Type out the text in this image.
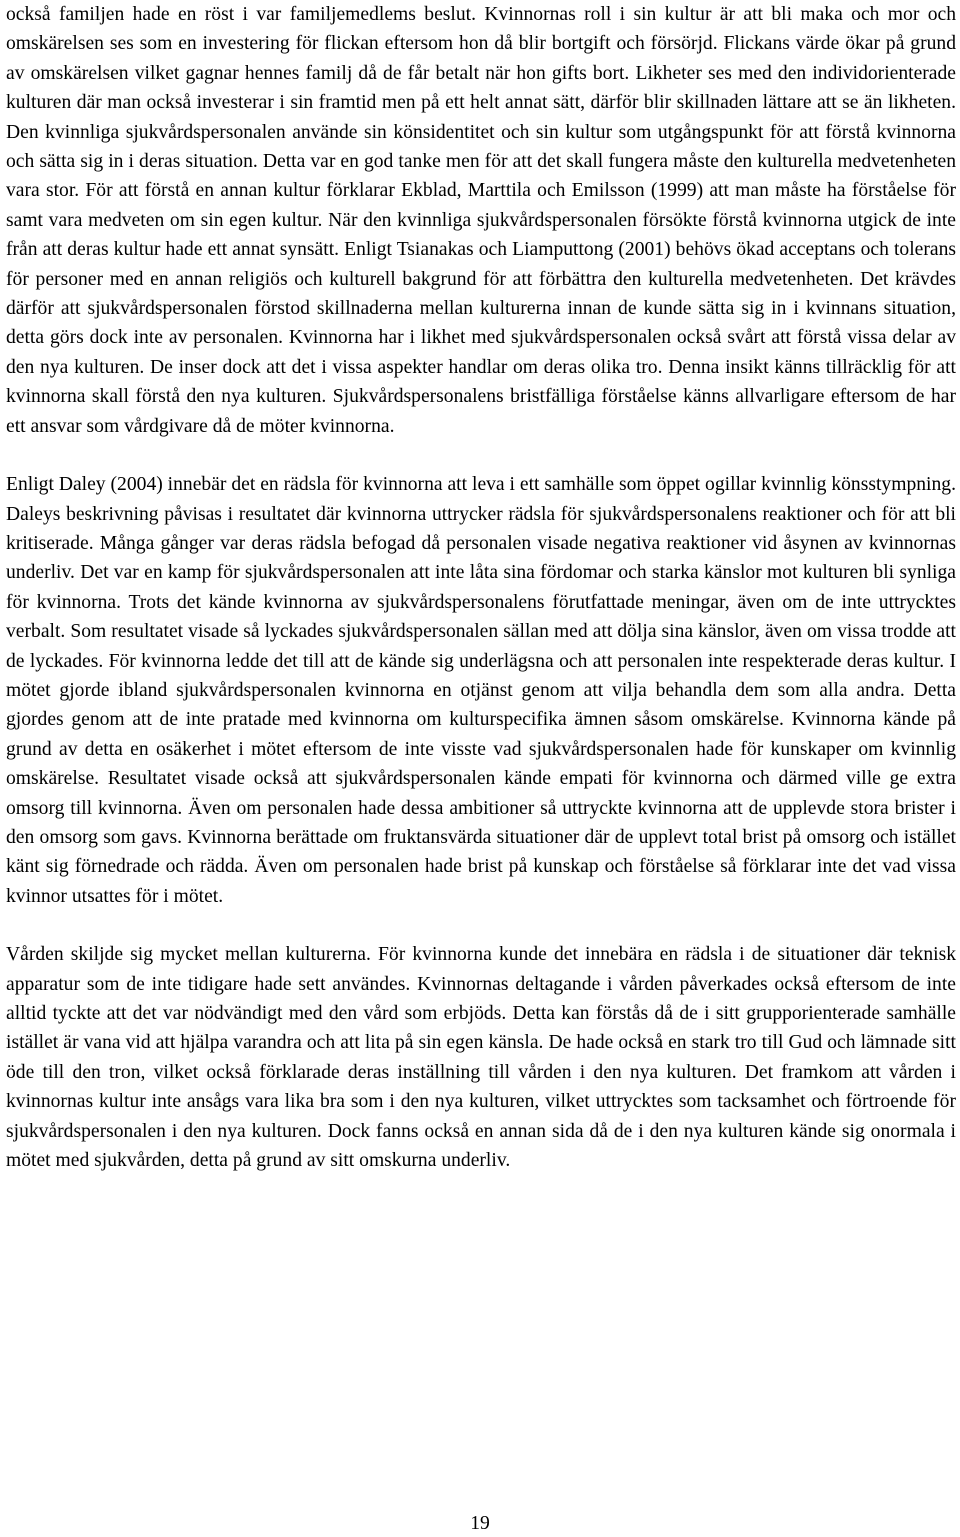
också familjen hade en röst i var familjemedlems beslut. Kvinnornas roll i sin kultur är att bli maka och mor och omskärelsen ses som en investering för flickan eftersom hon då blir bortgift och försörjd. Flickans värde ökar på grund av omskärelsen vilket gagnar hennes familj då de får betalt när hon gifts bort. Likheter ses med den individorienterade kulturen där man också investerar i sin framtid men på ett helt annat sätt, därför blir skillnaden lättare att se än likheten. Den kvinnliga sjukvårdspersonalen använde sin könsidentitet och sin kultur som utgångspunkt för att förstå kvinnorna och sätta sig in i deras situation. Detta var en god tanke men för att det skall fungera måste den kulturella medvetenheten vara stor. För att förstå en annan kultur förklarar Ekblad, Marttila och Emilsson (1999) att man måste ha förståelse för samt vara medveten om sin egen kultur. När den kvinnliga sjukvårdspersonalen försökte förstå kvinnorna utgick de inte från att deras kultur hade ett annat synsätt. Enligt Tsianakas och Liamputtong (2001) behövs ökad acceptans och tolerans för personer med en annan religiös och kulturell bakgrund för att förbättra den kulturella medvetenheten. Det krävdes därför att sjukvårdspersonalen förstod skillnaderna mellan kulturerna innan de kunde sätta sig in i kvinnans situation, detta görs dock inte av personalen. Kvinnorna har i likhet med sjukvårdspersonalen också svårt att förstå vissa delar av den nya kulturen. De inser dock att det i vissa aspekter handlar om deras olika tro. Denna insikt känns tillräcklig för att kvinnorna skall förstå den nya kulturen. Sjukvårdspersonalens bristfälliga förståelse känns allvarligare eftersom de har ett ansvar som vårdgivare då de möter kvinnorna.

Enligt Daley (2004) innebär det en rädsla för kvinnorna att leva i ett samhälle som öppet ogillar kvinnlig könsstympning. Daleys beskrivning påvisas i resultatet där kvinnorna uttrycker rädsla för sjukvårdspersonalens reaktioner och för att bli kritiserade. Många gånger var deras rädsla befogad då personalen visade negativa reaktioner vid åsynen av kvinnornas underliv. Det var en kamp för sjukvårdspersonalen att inte låta sina fördomar och starka känslor mot kulturen bli synliga för kvinnorna. Trots det kände kvinnorna av sjukvårdspersonalens förutfattade meningar, även om de inte uttrycktes verbalt. Som resultatet visade så lyckades sjukvårdspersonalen sällan med att dölja sina känslor, även om vissa trodde att de lyckades. För kvinnorna ledde det till att de kände sig underlägsna och att personalen inte respekterade deras kultur. I mötet gjorde ibland sjukvårdspersonalen kvinnorna en otjänst genom att vilja behandla dem som alla andra. Detta gjordes genom att de inte pratade med kvinnorna om kulturspecifika ämnen såsom omskärelse. Kvinnorna kände på grund av detta en osäkerhet i mötet eftersom de inte visste vad sjukvårdspersonalen hade för kunskaper om kvinnlig omskärelse. Resultatet visade också att sjukvårdspersonalen kände empati för kvinnorna och därmed ville ge extra omsorg till kvinnorna. Även om personalen hade dessa ambitioner så uttryckte kvinnorna att de upplevde stora brister i den omsorg som gavs. Kvinnorna berättade om fruktansvärda situationer där de upplevt total brist på omsorg och istället känt sig förnedrade och rädda. Även om personalen hade brist på kunskap och förståelse så förklarar inte det vad vissa kvinnor utsattes för i mötet.

Vården skiljde sig mycket mellan kulturerna. För kvinnorna kunde det innebära en rädsla i de situationer där teknisk apparatur som de inte tidigare hade sett användes. Kvinnornas deltagande i vården påverkades också eftersom de inte alltid tyckte att det var nödvändigt med den vård som erbjöds. Detta kan förstås då de i sitt grupporienterade samhälle istället är vana vid att hjälpa varandra och att lita på sin egen känsla. De hade också en stark tro till Gud och lämnade sitt öde till den tron, vilket också förklarade deras inställning till vården i den nya kulturen. Det framkom att vården i kvinnornas kultur inte ansågs vara lika bra som i den nya kulturen, vilket uttrycktes som tacksamhet och förtroende för sjukvårdspersonalen i den nya kulturen. Dock fanns också en annan sida då de i den nya kulturen kände sig onormala i mötet med sjukvården, detta på grund av sitt omskurna underliv.

19
